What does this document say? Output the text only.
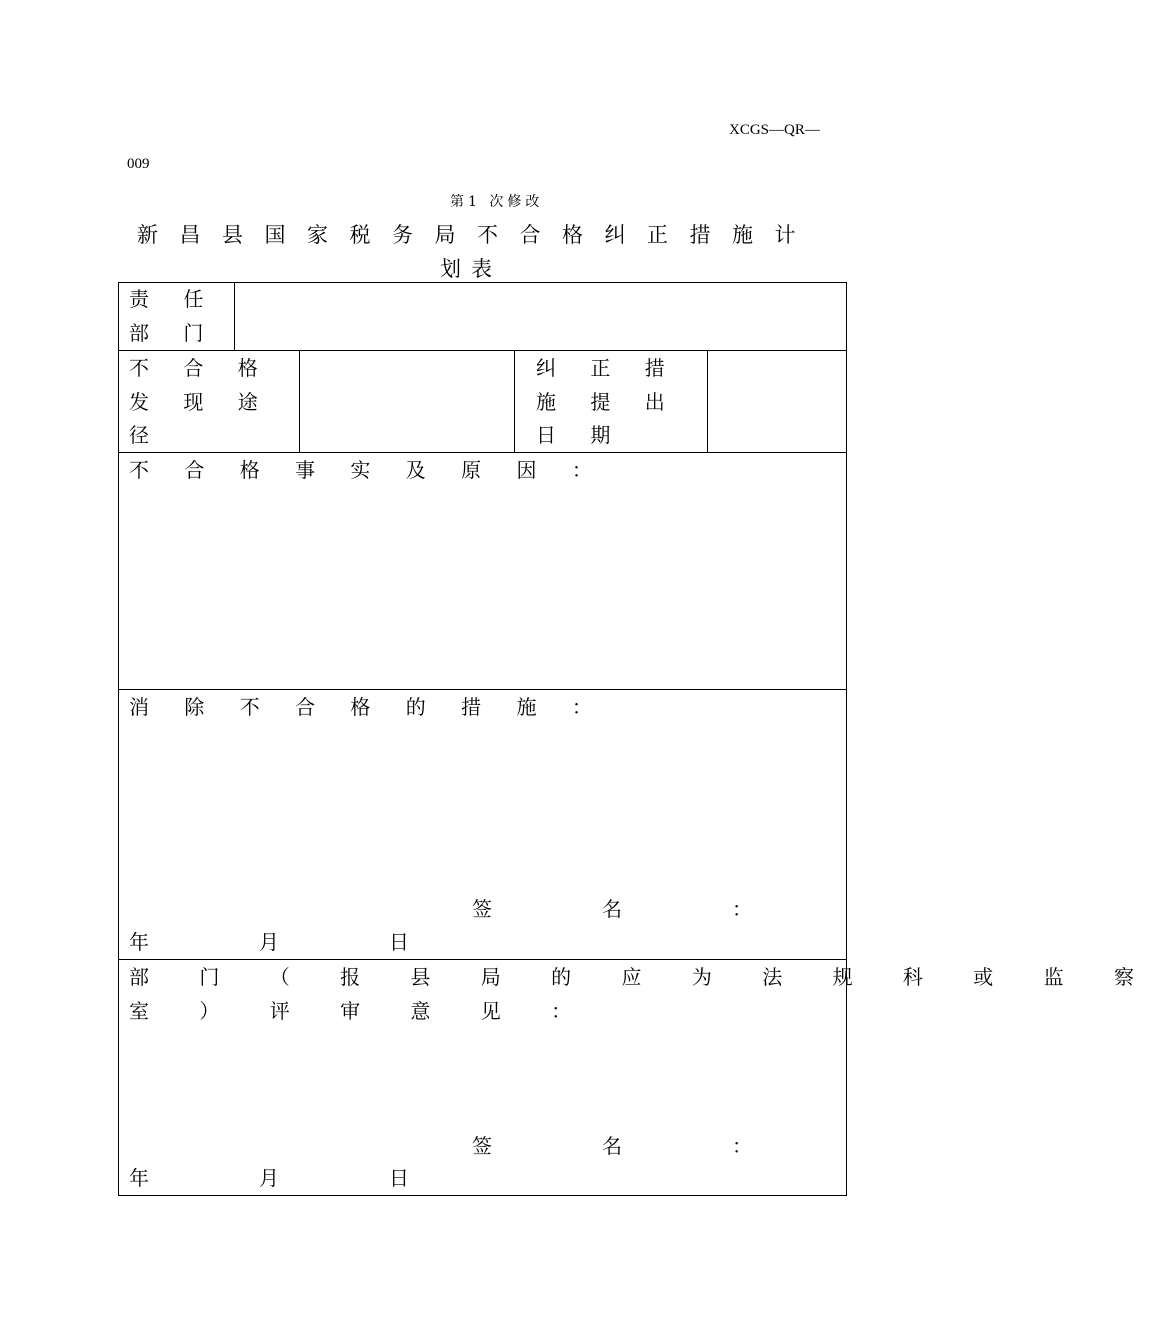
XCGS—QR—
009
第1 次修改
新昌县国家税务局不合格纠正措施计
划表
责 任
部 门
不 合 格
发 现 途
径
纠 正 措
施 提 出
日 期
不 合 格 事 实 及 原 因 ：
消 除 不 合 格 的 措 施 ：
签　　　　名　　　　：
年　　　　月　　　　日
部 门 （ 报 县 局 的 应 为 法 规 科 或 监 察
室 ） 评 审 意 见 ：
签　　　　名　　　　：
年　　　　月　　　　日
